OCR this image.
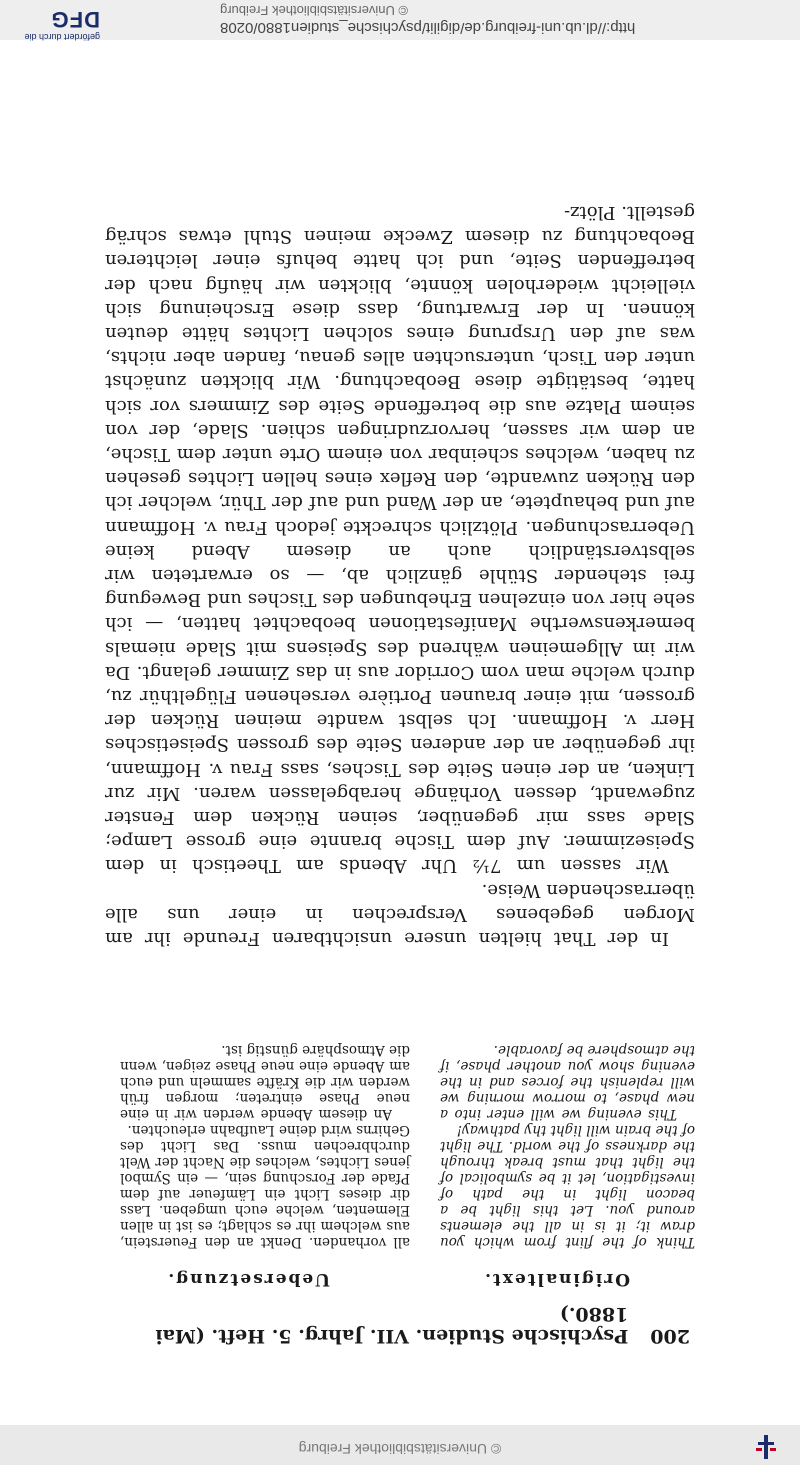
© Universitätsbibliothek Freiburg
200
Psychische Studien. VII. Jahrg. 5. Heft. (Mai 1880.)
Originaltext.
Uebersetzung.

Think of the flint from which you draw it; it is in all the elements around you. Let this light be a beacon light in the path of investigation, let it be symbolical of the light that must break through the darkness of the world. The light of the brain will light thy pathway!

This evening we will enter into a new phase, to morrow morning we will replenish the forces and in the evening show you another phase, if the atmosphere be favorable.

all vorhanden. Denkt an den Feuerstein, aus welchem ihr es schlagt; es ist in allen Elementen, welche euch umgeben. Lass dir dieses Licht ein Lämfeuer auf dem Pfade der Forschung sein, — ein Symbol jenes Lichtes, welches die Nacht der Welt durchbrechen muss. Das Licht des Gehirns wird deine Laufbahn erleuchten.

An diesem Abende werden wir in eine neue Phase eintreten; morgen früh werden wir die Kräfte sammeln und euch am Abende eine neue Phase zeigen, wenn die Atmosphäre günstig ist.

In der That hielten unsere unsichtbaren Freunde ihr am Morgen gegebenes Versprechen in einer uns alle überraschenden Weise.

Wir sassen um 7½ Uhr Abends am Theetisch in dem Speisezimmer. Auf dem Tische brannte eine grosse Lampe; Slade sass mir gegenüber, seinen Rücken dem Fenster zugewandt, dessen Vorhänge herabgelassen waren. Mir zur Linken, an der einen Seite des Tisches, sass Frau v. Hoffmann, ihr gegenüber an der anderen Seite des grossen Speisetisches Herr v. Hoffmann. Ich selbst wandte meinen Rücken der grossen, mit einer braunen Portière versehenen Flügelthür zu, durch welche man vom Corridor aus in das Zimmer gelangt. Da wir im Allgemeinen während des Speisens mit Slade niemals bemerkenswerthe Manifestationen beobachtet hatten, — ich sehe hier von einzelnen Erhebungen des Tisches und Bewegung frei stehender Stühle gänzlich ab, — so erwarteten wir selbstverständlich auch an diesem Abend keine Ueberraschungen. Plötzlich schreckte jedoch Frau v. Hoffmann auf und behauptete, an der Wand und auf der Thür, welcher ich den Rücken zuwandte, den Reflex eines hellen Lichtes gesehen zu haben, welches scheinbar von einem Orte unter dem Tische, an dem wir sassen, hervorzudringen schien. Slade, der von seinem Platze aus die betreffende Seite des Zimmers vor sich hatte, bestätigte diese Beobachtung. Wir blickten zunächst unter den Tisch, untersuchten alles genau, fanden aber nichts, was auf den Ursprung eines solchen Lichtes hätte deuten können. In der Erwartung, dass diese Erscheinung sich vielleicht wiederholen könnte, blickten wir häufig nach der betreffenden Seite, und ich hatte behufs einer leichteren Beobachtung zu diesem Zwecke meinen Stuhl etwas schräg gestellt. Plötz-

http://dl.ub.uni-freiburg.de/digilit/psychische_studien1880/0208
© Universitätsbibliothek Freiburg
gefördert durch die
DFG
